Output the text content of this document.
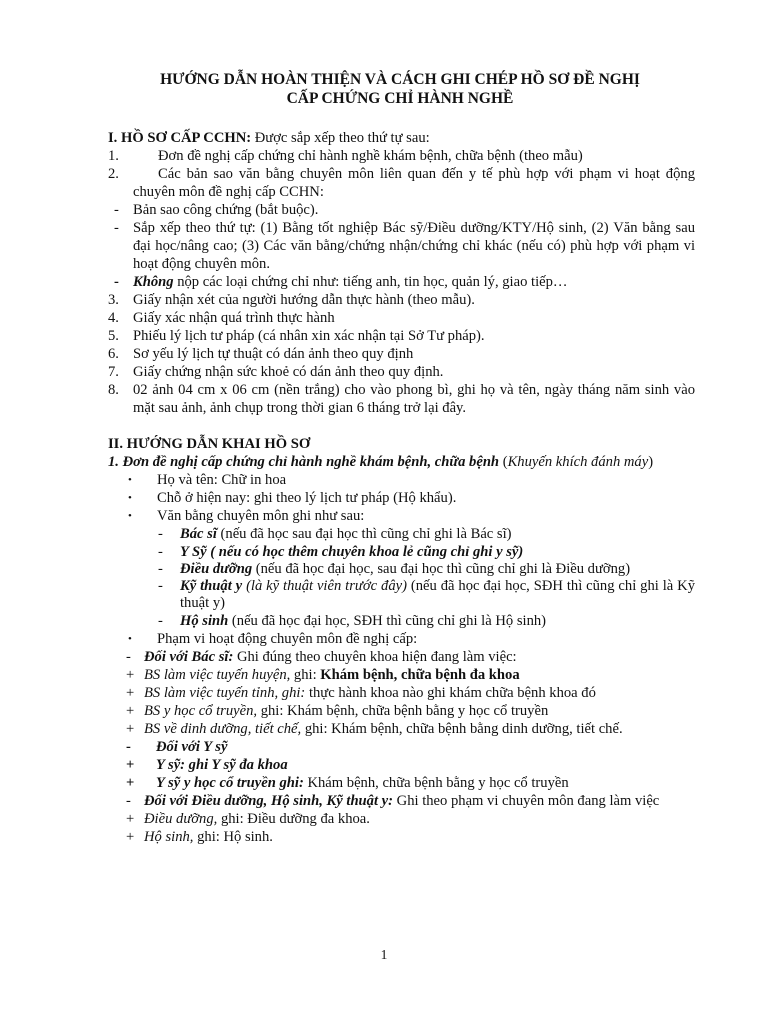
HƯỚNG DẪN HOÀN THIỆN VÀ CÁCH GHI CHÉP HỒ SƠ ĐỀ NGHỊ
CẤP CHỨNG CHỈ HÀNH NGHỀ

I. HỒ SƠ CẤP CCHN: Được sắp xếp theo thứ tự sau:

1.	Đơn đề nghị cấp chứng chỉ hành nghề khám bệnh, chữa bệnh (theo mẫu)
2.	Các bản sao văn bằng chuyên môn liên quan đến y tế phù hợp với phạm vi hoạt động chuyên môn đề nghị cấp CCHN:
- Bản sao công chứng (bắt buộc).
- Sắp xếp theo thứ tự: (1) Bằng tốt nghiệp Bác sỹ/Điều dưỡng/KTY/Hộ sinh, (2) Văn bằng sau đại học/nâng cao; (3) Các văn bằng/chứng nhận/chứng chỉ khác (nếu có) phù hợp với phạm vi hoạt động chuyên môn.
- Không nộp các loại chứng chỉ như: tiếng anh, tin học, quản lý, giao tiếp…
3. Giấy nhận xét của người hướng dẫn thực hành (theo mẫu).
4. Giấy xác nhận quá trình thực hành
5. Phiếu lý lịch tư pháp (cá nhân xin xác nhận tại Sở Tư pháp).
6. Sơ yếu lý lịch tự thuật có dán ảnh theo quy định
7. Giấy chứng nhận sức khoẻ có dán ảnh theo quy định.
8. 02 ảnh 04 cm x 06 cm (nền trắng) cho vào phong bì, ghi họ và tên, ngày tháng năm sinh vào mặt sau ảnh, ảnh chụp trong thời gian 6 tháng trở lại đây.

II. HƯỚNG DẪN KHAI HỒ SƠ

1. Đơn đề nghị cấp chứng chỉ hành nghề khám bệnh, chữa bệnh (Khuyến khích đánh máy)

• Họ và tên: Chữ in hoa
• Chỗ ở hiện nay: ghi theo lý lịch tư pháp (Hộ khẩu).
• Văn bằng chuyên môn ghi như sau:
- Bác sĩ (nếu đã học sau đại học thì cũng chỉ ghi là Bác sĩ)
- Y Sỹ ( nếu có học thêm chuyên khoa lẻ cũng chỉ ghi y sỹ)
- Điều dưỡng (nếu đã học đại học, sau đại học thì cũng chỉ ghi là Điều dưỡng)
- Kỹ thuật y (là kỹ thuật viên trước đây) (nếu đã học đại học, SĐH thì cũng chỉ ghi là Kỹ thuật y)
- Hộ sinh (nếu đã học đại học, SĐH thì cũng chỉ ghi là Hộ sinh)
• Phạm vi hoạt động chuyên môn đề nghị cấp:
- Đối với Bác sĩ: Ghi đúng theo chuyên khoa hiện đang làm việc:
+ BS làm việc tuyến huyện, ghi: Khám bệnh, chữa bệnh đa khoa
+ BS làm việc tuyến tỉnh, ghi: thực hành khoa nào ghi khám chữa bệnh khoa đó
+ BS y học cổ truyền, ghi: Khám bệnh, chữa bệnh bằng y học cổ truyền
+ BS về dinh dưỡng, tiết chế, ghi: Khám bệnh, chữa bệnh bằng dinh dưỡng, tiết chế.
- Đối với Y sỹ
+ Y sỹ: ghi Y sỹ đa khoa
+ Y sỹ y học cổ truyền ghi: Khám bệnh, chữa bệnh bằng y học cổ truyền
- Đối với Điều dưỡng, Hộ sinh, Kỹ thuật y: Ghi theo phạm vi chuyên môn đang làm việc
+ Điều dưỡng, ghi: Điều dưỡng đa khoa.
+ Hộ sinh, ghi: Hộ sinh.
1
